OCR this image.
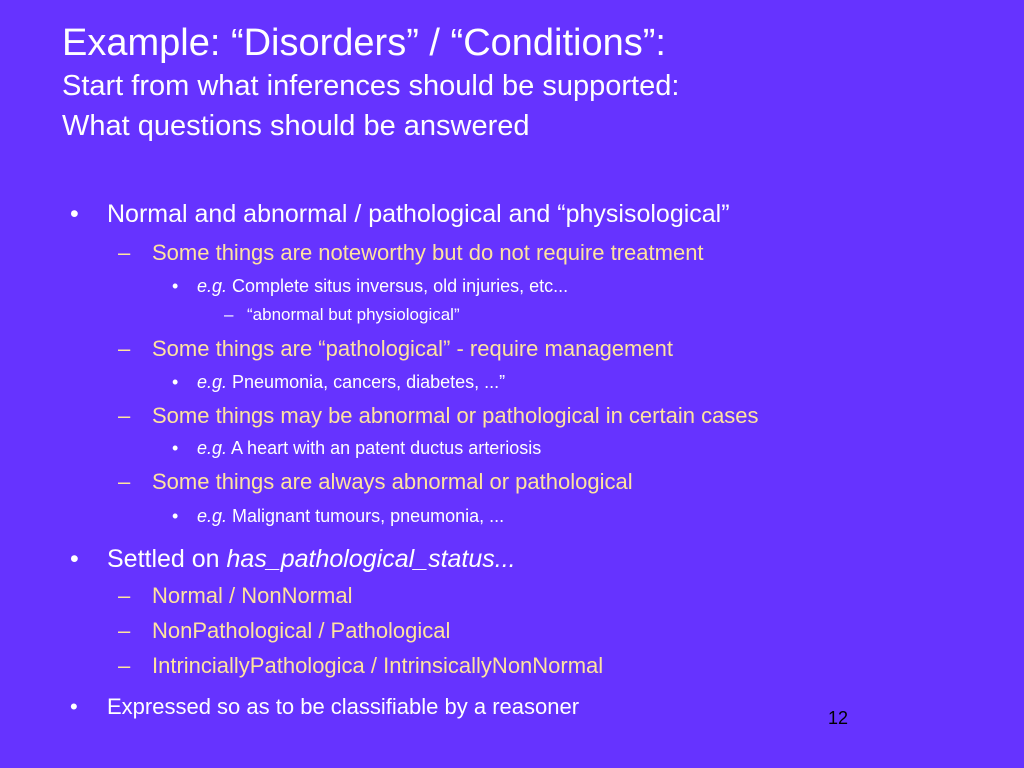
Example: “Disorders” / “Conditions”:
Start from what inferences should be supported:
What questions should be answered
• Normal and abnormal / pathological and “physisological”
– Some things are noteworthy but do not require treatment
• e.g. Complete situs inversus, old injuries, etc...
– “abnormal but physiological”
– Some things are “pathological” - require management
• e.g. Pneumonia, cancers, diabetes, ...”
– Some things may be abnormal or pathological in certain cases
• e.g. A heart with an patent ductus arteriosis
– Some things are always abnormal or pathological
• e.g. Malignant tumours, pneumonia, ...
• Settled on has_pathological_status...
– Normal / NonNormal
– NonPathological / Pathological
– IntrinciallyPathologica / IntrinsicallyNonNormal
• Expressed so as to be classifiable by a reasoner	12
